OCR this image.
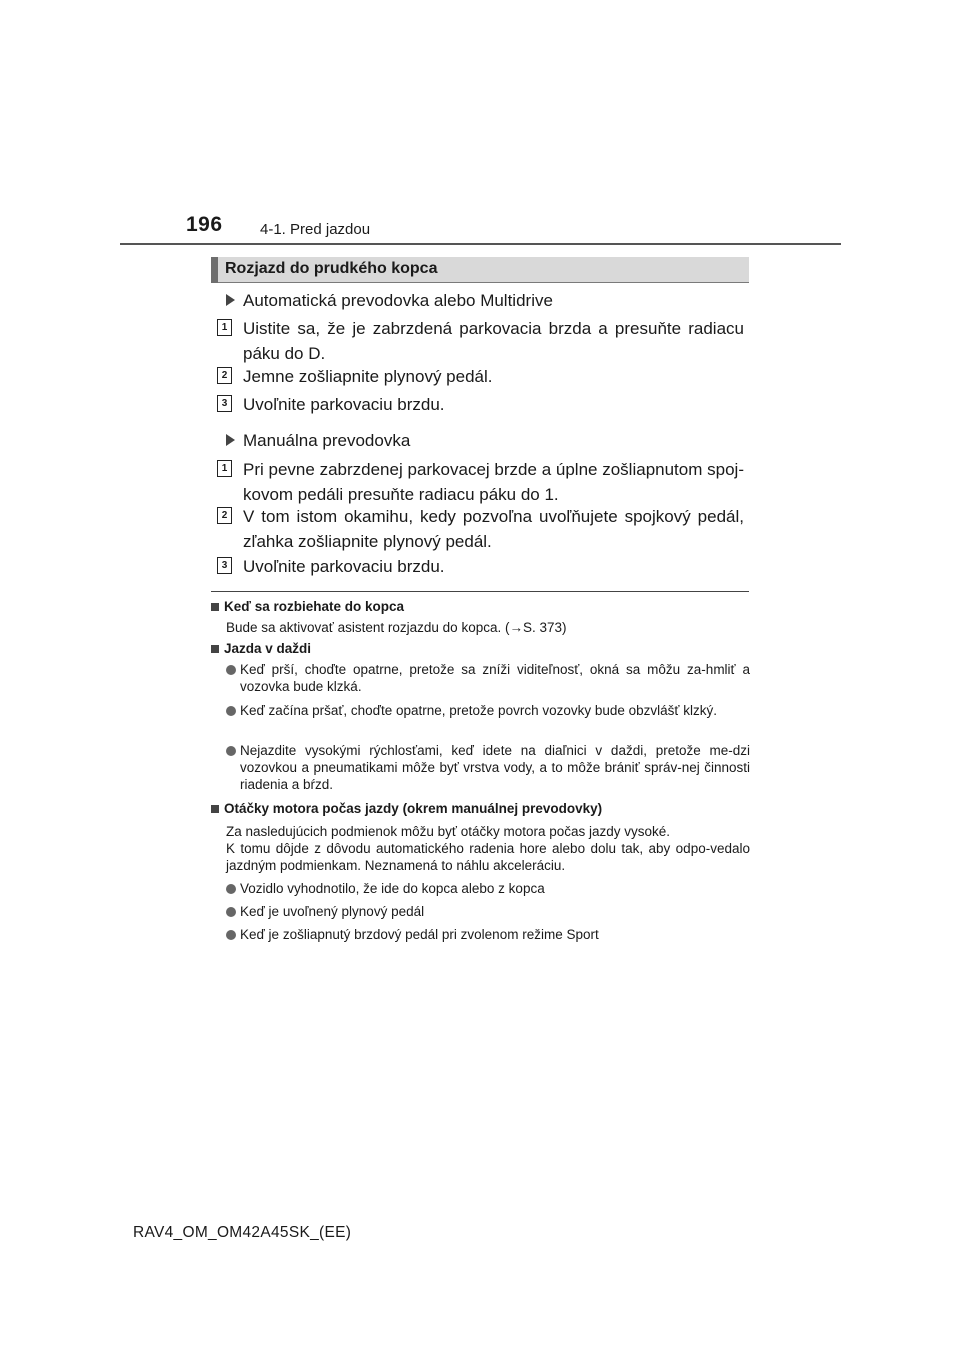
196 4-1. Pred jazdou
Rozjazd do prudkého kopca
Automatická prevodovka alebo Multidrive
1 Uistite sa, že je zabrzdená parkovacia brzda a presuňte radiacu páku do D.
2 Jemne zošliapnite plynový pedál.
3 Uvoľnite parkovaciu brzdu.
Manuálna prevodovka
1 Pri pevne zabrzdenej parkovacej brzde a úplne zošliapnutom spoj-kovom pedáli presuňte radiacu páku do 1.
2 V tom istom okamihu, kedy pozvoľna uvoľňujete spojkový pedál, zľahka zošliapnite plynový pedál.
3 Uvoľnite parkovaciu brzdu.
Keď sa rozbiehate do kopca
Bude sa aktivovať asistent rozjazdu do kopca. (→S. 373)
Jazda v daždi
Keď prší, choďte opatrne, pretože sa zníži viditeľnosť, okná sa môžu za-hmliť a vozovka bude klzká.
Keď začína pršať, choďte opatrne, pretože povrch vozovky bude obzvlášť klzký.
Nejazdite vysokými rýchlosťami, keď idete na diaľnici v daždi, pretože me-dzi vozovkou a pneumatikami môže byť vrstva vody, a to môže brániť správ-nej činnosti riadenia a bŕzd.
Otáčky motora počas jazdy (okrem manuálnej prevodovky)
Za nasledujúcich podmienok môžu byť otáčky motora počas jazdy vysoké.
K tomu dôjde z dôvodu automatického radenia hore alebo dolu tak, aby odpo-vedalo jazdným podmienkam. Neznamená to náhlu akceleráciu.
Vozidlo vyhodnotilo, že ide do kopca alebo z kopca
Keď je uvoľnený plynový pedál
Keď je zošliapnutý brzdový pedál pri zvolenom režime Sport
RAV4_OM_OM42A45SK_(EE)
